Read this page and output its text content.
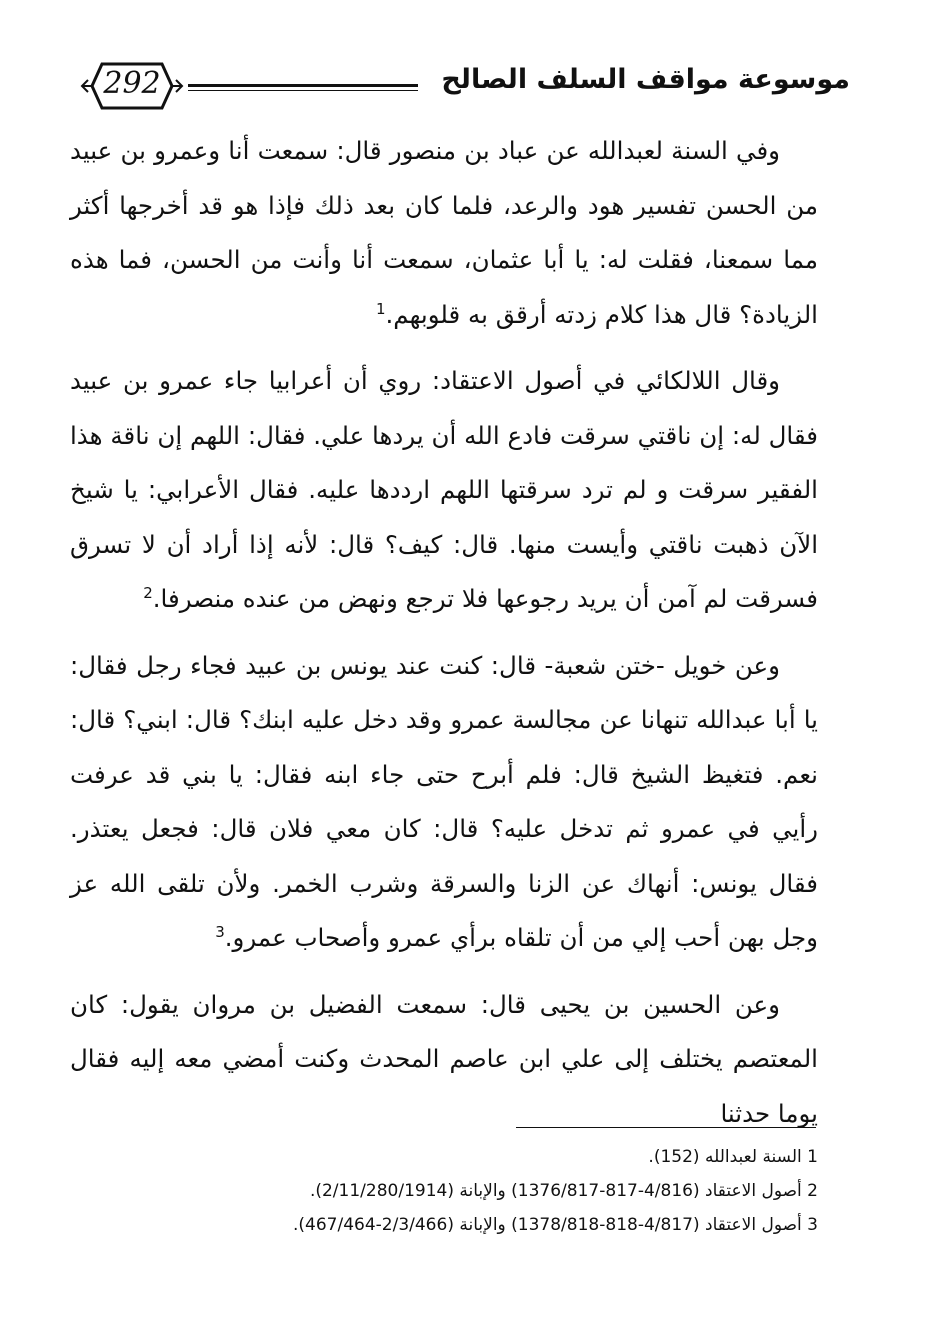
292	موسوعة مواقف السلف الصالح

وفي السنة لعبدالله عن عباد بن منصور قال: سمعت أنا وعمرو بن عبيد من الحسن تفسير هود والرعد، فلما كان بعد ذلك فإذا هو قد أخرجها أكثر مما سمعنا، فقلت له: يا أبا عثمان، سمعت أنا وأنت من الحسن، فما هذه الزيادة؟ قال هذا كلام زدته أرقق به قلوبهم.$^1$

وقال اللالكائي في أصول الاعتقاد: روي أن أعرابيا جاء عمرو بن عبيد فقال له: إن ناقتي سرقت فادع الله أن يردها علي. فقال: اللهم إن ناقة هذا الفقير سرقت و لم ترد سرقتها اللهم ارددها عليه. فقال الأعرابي: يا شيخ الآن ذهبت ناقتي وأيست منها. قال: كيف؟ قال: لأنه إذا أراد أن لا تسرق فسرقت لم آمن أن يريد رجوعها فلا ترجع ونهض من عنده منصرفا.$^2$

وعن خويل -ختن شعبة- قال: كنت عند يونس بن عبيد فجاء رجل فقال: يا أبا عبدالله تنهانا عن مجالسة عمرو وقد دخل عليه ابنك؟ قال: ابني؟ قال: نعم. فتغيظ الشيخ قال: فلم أبرح حتى جاء ابنه فقال: يا بني قد عرفت رأيي في عمرو ثم تدخل عليه؟ قال: كان معي فلان قال: فجعل يعتذر. فقال يونس: أنهاك عن الزنا والسرقة وشرب الخمر. ولأن تلقى الله عز وجل بهن أحب إلي من أن تلقاه برأي عمرو وأصحاب عمرو.$^3$

وعن الحسين بن يحيى قال: سمعت الفضيل بن مروان يقول: كان المعتصم يختلف إلى علي ابن عاصم المحدث وكنت أمضي معه إليه فقال يوما حدثنا

1 السنة لعبدالله (152).

2 أصول الاعتقاد (4/816-817-1376/817) والإبانة (2/11/280/1914).

3 أصول الاعتقاد (4/817-818-1378/818) والإبانة (2/3/466-467/464).
